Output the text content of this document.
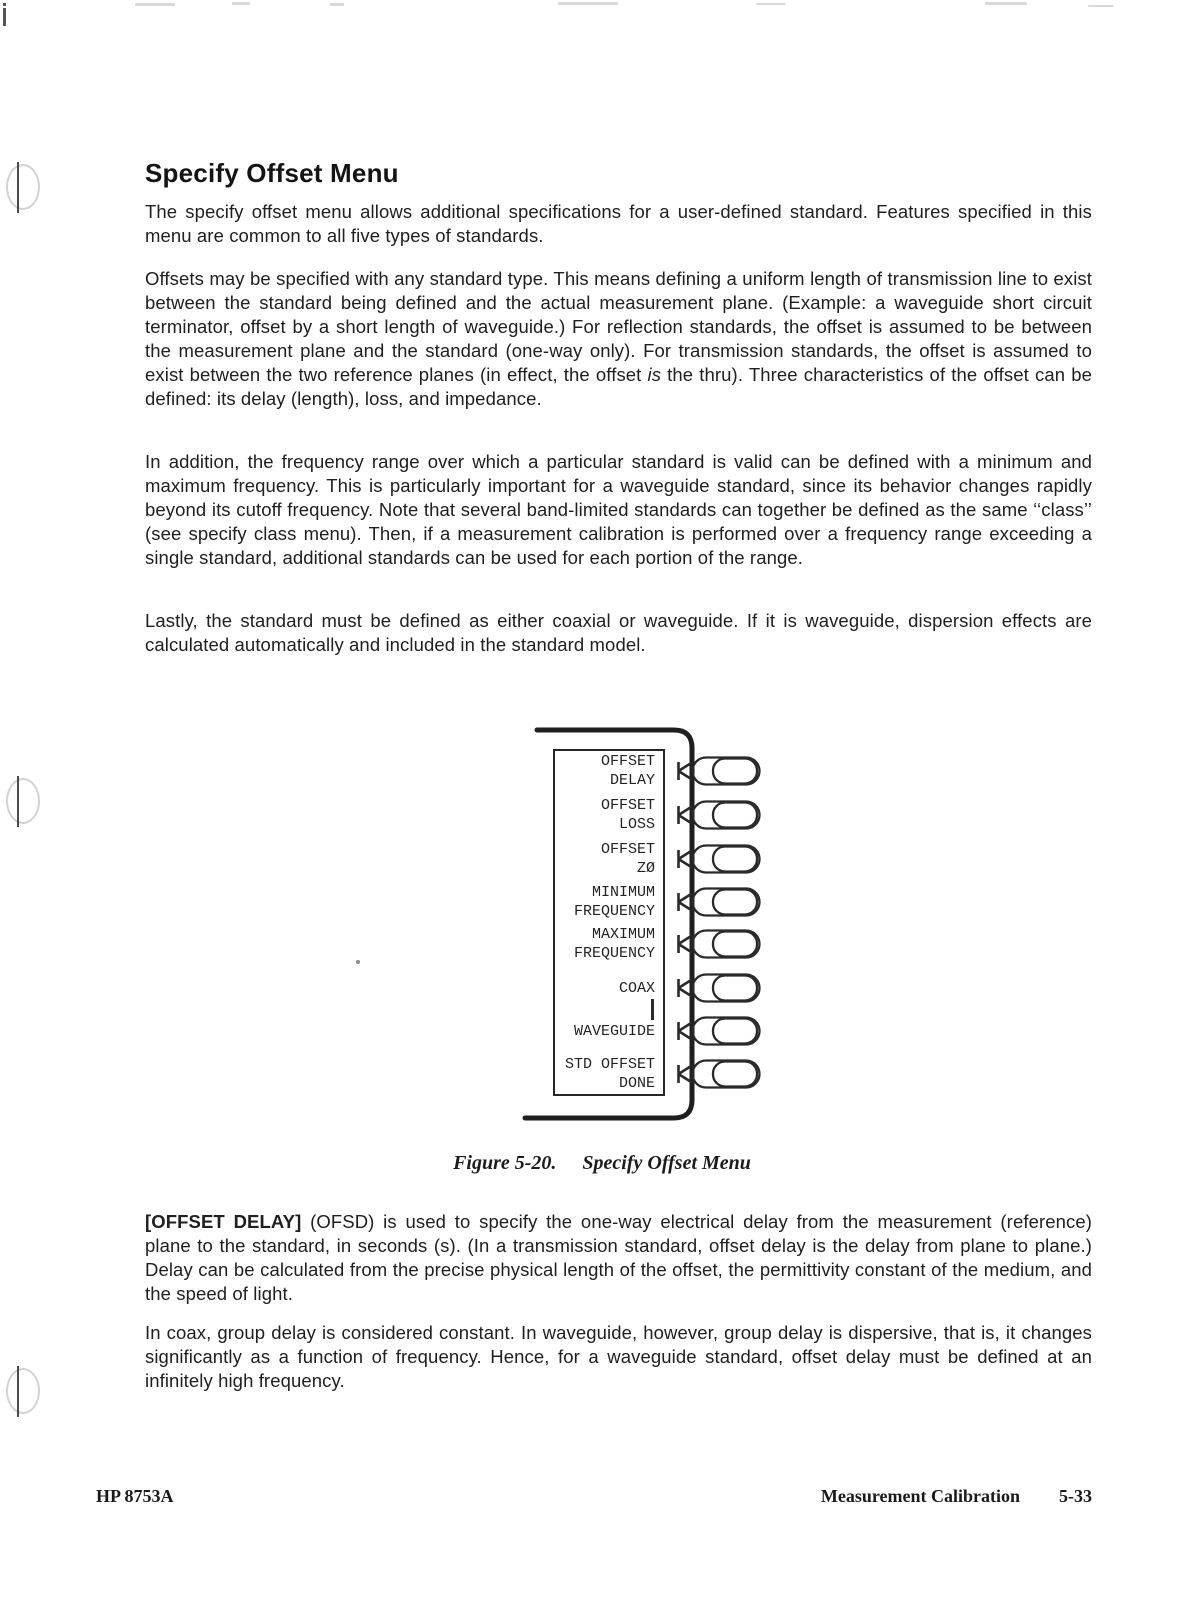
Specify Offset Menu

The specify offset menu allows additional specifications for a user-defined standard. Features specified in this menu are common to all five types of standards.

Offsets may be specified with any standard type. This means defining a uniform length of transmission line to exist between the standard being defined and the actual measurement plane. (Example: a waveguide short circuit terminator, offset by a short length of waveguide.) For reflection standards, the offset is assumed to be between the measurement plane and the standard (one-way only). For transmission standards, the offset is assumed to exist between the two reference planes (in effect, the offset is the thru). Three characteristics of the offset can be defined: its delay (length), loss, and impedance.

In addition, the frequency range over which a particular standard is valid can be defined with a minimum and maximum frequency. This is particularly important for a waveguide standard, since its behavior changes rapidly beyond its cutoff frequency. Note that several band-limited standards can together be defined as the same ‘‘class’’ (see specify class menu). Then, if a measurement calibration is performed over a frequency range exceeding a single standard, additional standards can be used for each portion of the range.

Lastly, the standard must be defined as either coaxial or waveguide. If it is waveguide, dispersion effects are calculated automatically and included in the standard model.

OFFSET
DELAY
OFFSET
LOSS
OFFSET
ZØ
MINIMUM
FREQUENCY
MAXIMUM
FREQUENCY
COAX
WAVEGUIDE
STD OFFSET
DONE
Figure 5-20. Specify Offset Menu

[OFFSET DELAY] (OFSD) is used to specify the one-way electrical delay from the measurement (reference) plane to the standard, in seconds (s). (In a transmission standard, offset delay is the delay from plane to plane.) Delay can be calculated from the precise physical length of the offset, the permittivity constant of the medium, and the speed of light.

In coax, group delay is considered constant. In waveguide, however, group delay is dispersive, that is, it changes significantly as a function of frequency. Hence, for a waveguide standard, offset delay must be defined at an infinitely high frequency.

HP 8753A	Measurement Calibration 5-33
